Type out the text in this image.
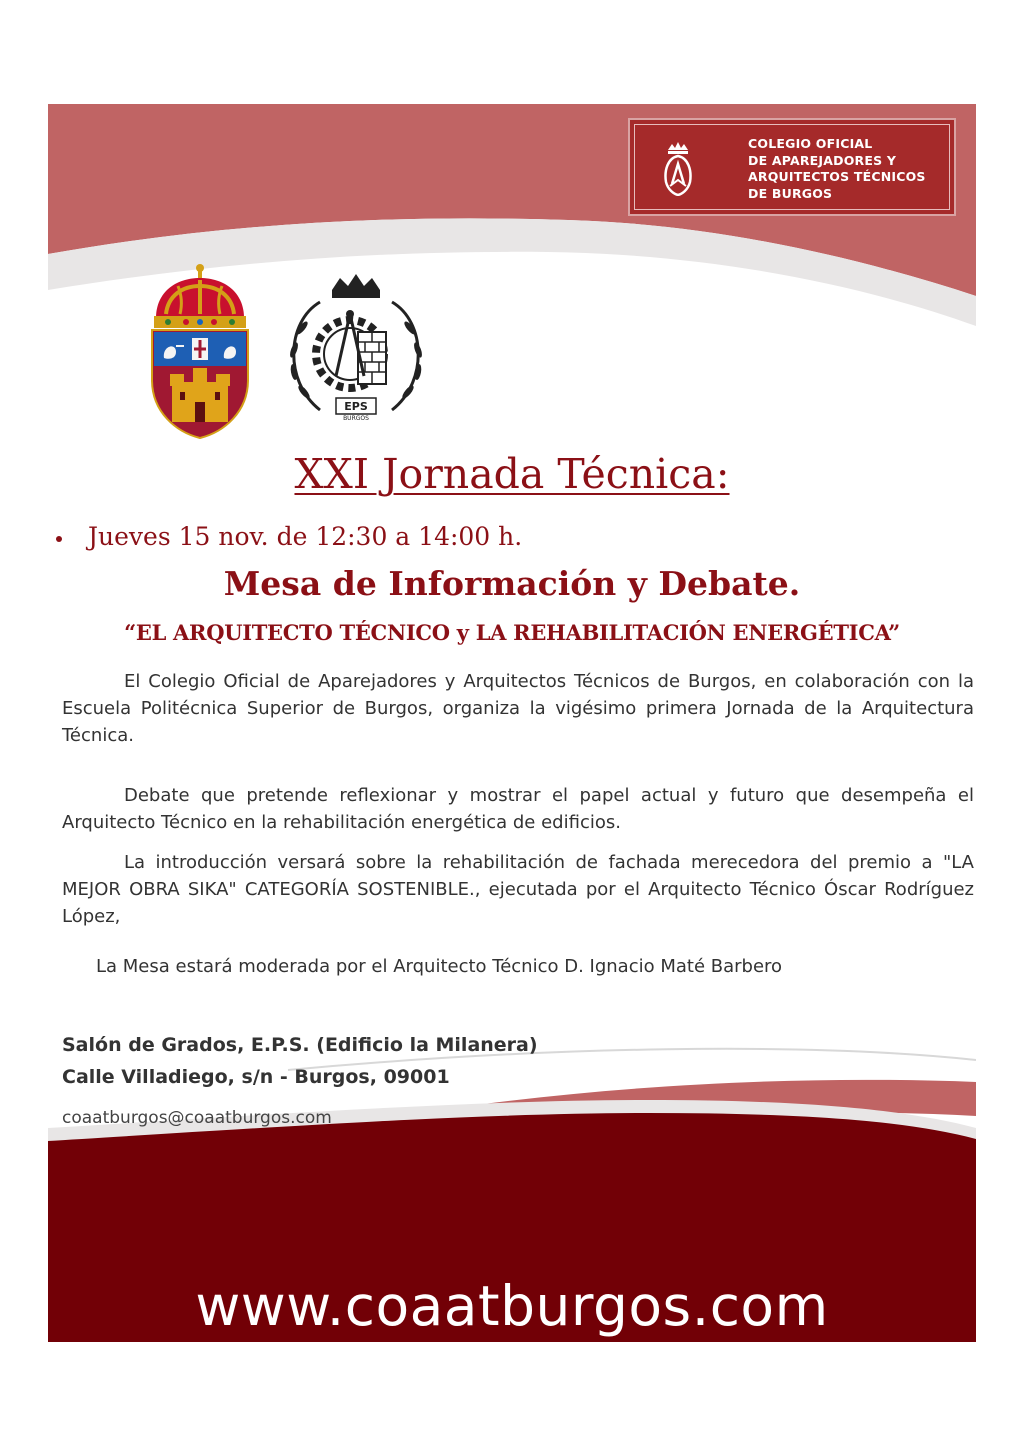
COLEGIO OFICIAL
DE APAREJADORES Y
ARQUITECTOS TÉCNICOS
DE BURGOS
EPS
BURGOS
XXI Jornada Técnica:
Jueves 15 nov. de 12:30 a 14:00 h.
Mesa de Información y Debate.
“EL ARQUITECTO TÉCNICO y LA REHABILITACIÓN ENERGÉTICA”
El Colegio Oficial de Aparejadores y Arquitectos Técnicos de Burgos, en colaboración con la Escuela Politécnica Superior de Burgos, organiza la vigésimo primera Jornada de la Arquitectura Técnica.
Debate que pretende reflexionar y mostrar el papel actual y futuro que desempeña el Arquitecto Técnico en la rehabilitación energética de edificios.
La introducción versará sobre la rehabilitación de fachada merecedora del premio a "LA MEJOR OBRA SIKA" CATEGORÍA SOSTENIBLE., ejecutada por el Arquitecto Técnico Óscar Rodríguez López,
La Mesa estará moderada por el Arquitecto Técnico D. Ignacio Maté Barbero
Salón de Grados, E.P.S. (Edificio la Milanera)
Calle Villadiego, s/n - Burgos, 09001
coaatburgos@coaatburgos.com
www.coaatburgos.com
